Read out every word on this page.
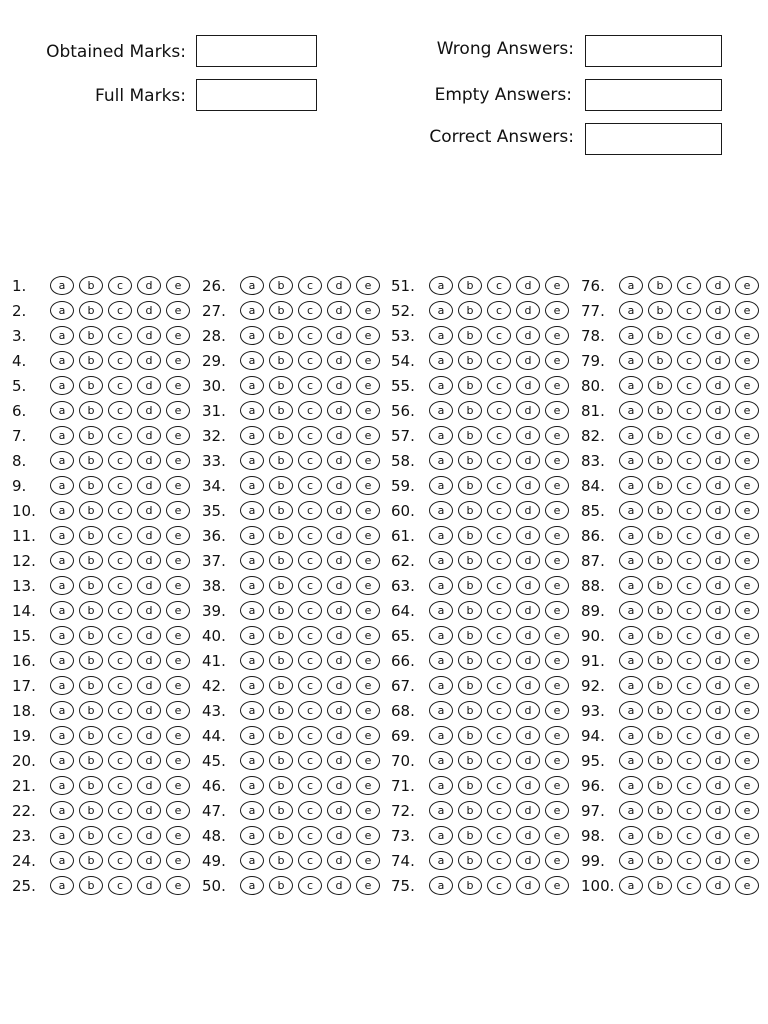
Obtained Marks:
Full Marks:
Wrong Answers:
Empty Answers:
Correct Answers:
1.	a	b	c	d	e
2.	a	b	c	d	e
3.	a	b	c	d	e
4.	a	b	c	d	e
5.	a	b	c	d	e
6.	a	b	c	d	e
7.	a	b	c	d	e
8.	a	b	c	d	e
9.	a	b	c	d	e
10.	a	b	c	d	e
11.	a	b	c	d	e
12.	a	b	c	d	e
13.	a	b	c	d	e
14.	a	b	c	d	e
15.	a	b	c	d	e
16.	a	b	c	d	e
17.	a	b	c	d	e
18.	a	b	c	d	e
19.	a	b	c	d	e
20.	a	b	c	d	e
21.	a	b	c	d	e
22.	a	b	c	d	e
23.	a	b	c	d	e
24.	a	b	c	d	e
25.	a	b	c	d	e
26.	a	b	c	d	e
27.	a	b	c	d	e
28.	a	b	c	d	e
29.	a	b	c	d	e
30.	a	b	c	d	e
31.	a	b	c	d	e
32.	a	b	c	d	e
33.	a	b	c	d	e
34.	a	b	c	d	e
35.	a	b	c	d	e
36.	a	b	c	d	e
37.	a	b	c	d	e
38.	a	b	c	d	e
39.	a	b	c	d	e
40.	a	b	c	d	e
41.	a	b	c	d	e
42.	a	b	c	d	e
43.	a	b	c	d	e
44.	a	b	c	d	e
45.	a	b	c	d	e
46.	a	b	c	d	e
47.	a	b	c	d	e
48.	a	b	c	d	e
49.	a	b	c	d	e
50.	a	b	c	d	e
51.	a	b	c	d	e
52.	a	b	c	d	e
53.	a	b	c	d	e
54.	a	b	c	d	e
55.	a	b	c	d	e
56.	a	b	c	d	e
57.	a	b	c	d	e
58.	a	b	c	d	e
59.	a	b	c	d	e
60.	a	b	c	d	e
61.	a	b	c	d	e
62.	a	b	c	d	e
63.	a	b	c	d	e
64.	a	b	c	d	e
65.	a	b	c	d	e
66.	a	b	c	d	e
67.	a	b	c	d	e
68.	a	b	c	d	e
69.	a	b	c	d	e
70.	a	b	c	d	e
71.	a	b	c	d	e
72.	a	b	c	d	e
73.	a	b	c	d	e
74.	a	b	c	d	e
75.	a	b	c	d	e
76.	a	b	c	d	e
77.	a	b	c	d	e
78.	a	b	c	d	e
79.	a	b	c	d	e
80.	a	b	c	d	e
81.	a	b	c	d	e
82.	a	b	c	d	e
83.	a	b	c	d	e
84.	a	b	c	d	e
85.	a	b	c	d	e
86.	a	b	c	d	e
87.	a	b	c	d	e
88.	a	b	c	d	e
89.	a	b	c	d	e
90.	a	b	c	d	e
91.	a	b	c	d	e
92.	a	b	c	d	e
93.	a	b	c	d	e
94.	a	b	c	d	e
95.	a	b	c	d	e
96.	a	b	c	d	e
97.	a	b	c	d	e
98.	a	b	c	d	e
99.	a	b	c	d	e
100.	a	b	c	d	e
